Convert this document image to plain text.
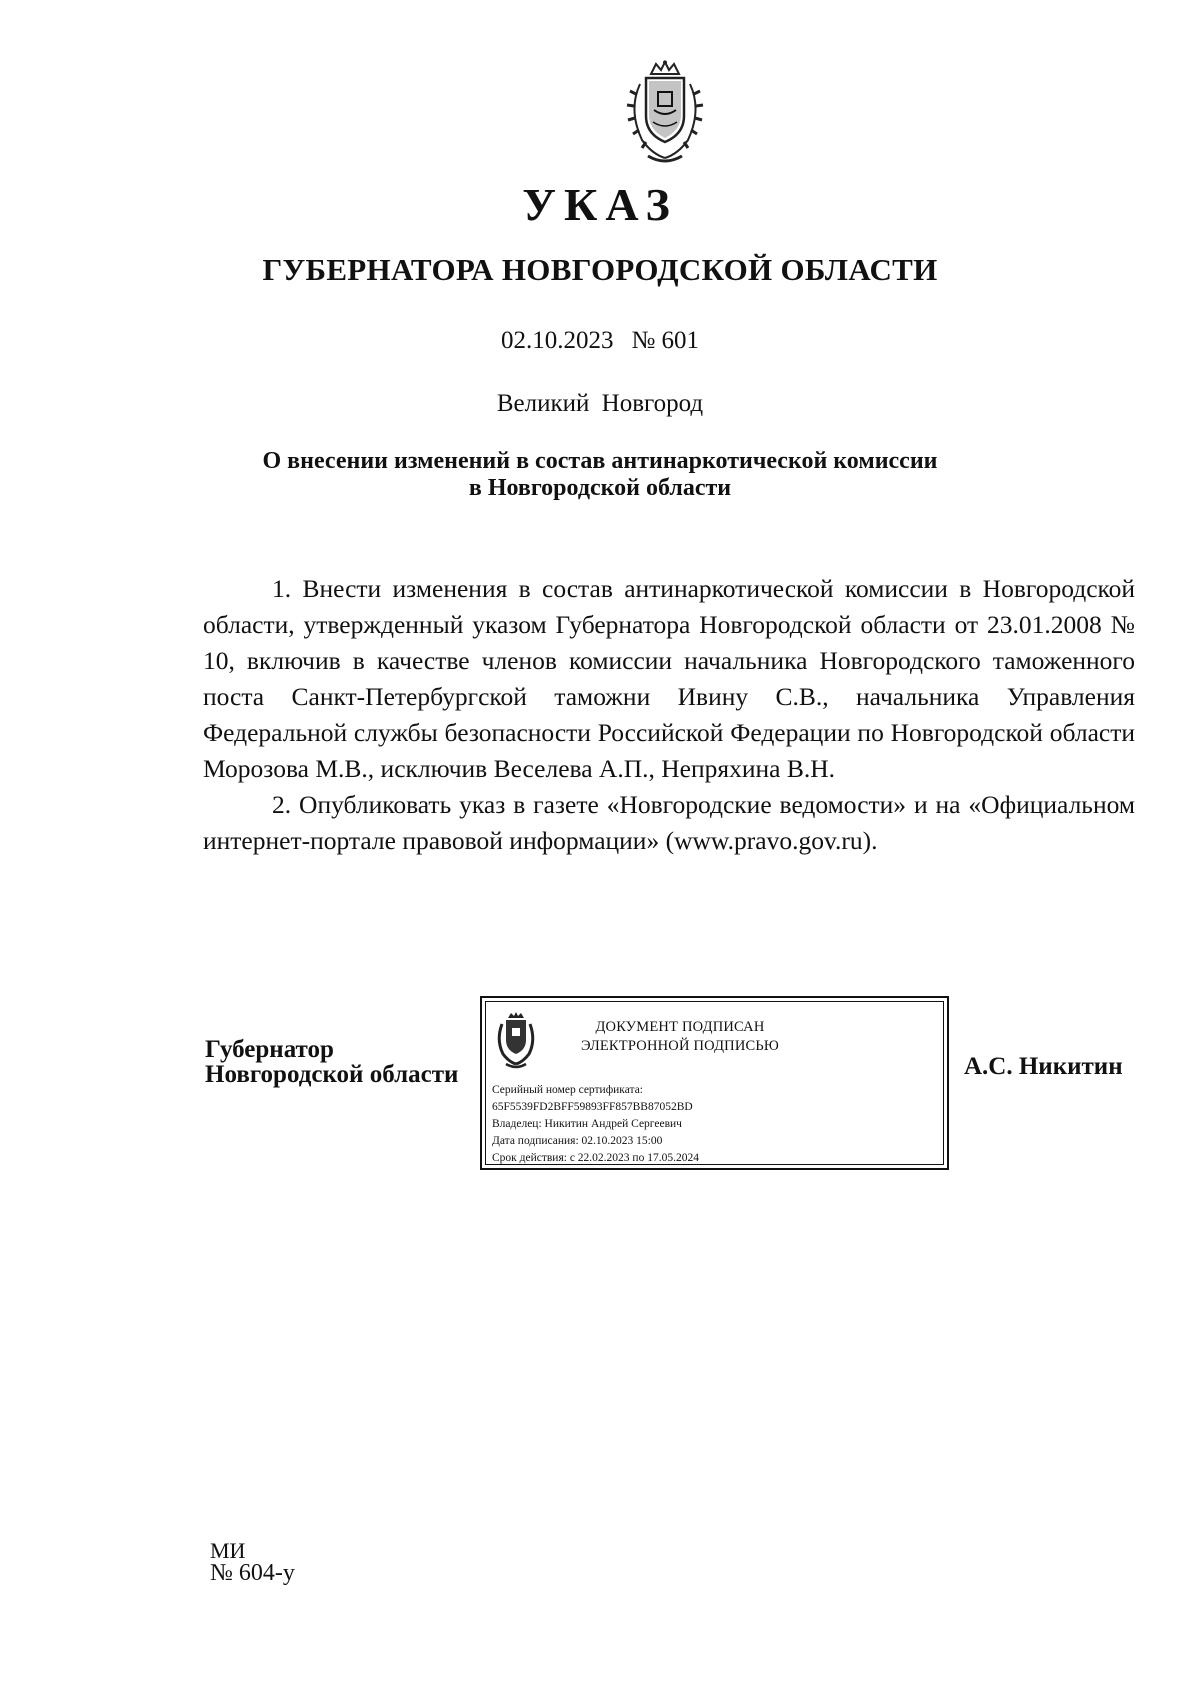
УКАЗ
ГУБЕРНАТОРА НОВГОРОДСКОЙ ОБЛАСТИ
02.10.2023 № 601
Великий Новгород
О внесении изменений в состав антинаркотической комиссии
в Новгородской области

1. Внести изменения в состав антинаркотической комиссии в Новгородской области, утвержденный указом Губернатора Новгородской области от 23.01.2008 № 10, включив в качестве членов комиссии начальника Новгородского таможенного поста Санкт-Петербургской таможни Ивину С.В., начальника Управления Федеральной службы безопасности Российской Федерации по Новгородской области Морозова М.В., исключив Веселева А.П., Непряхина В.Н.

2. Опубликовать указ в газете «Новгородские ведомости» и на «Официальном интернет-портале правовой информации» (www.pravo.gov.ru).

Губернатор
Новгородской области
ДОКУМЕНТ ПОДПИСАН
ЭЛЕКТРОННОЙ ПОДПИСЬЮ
Серийный номер сертификата:
65F5539FD2BFF59893FF857BB87052BD
Владелец: Никитин Андрей Сергеевич
Дата подписания: 02.10.2023 15:00
Срок действия: с 22.02.2023 по 17.05.2024
А.С. Никитин
МИ
№ 604-у
